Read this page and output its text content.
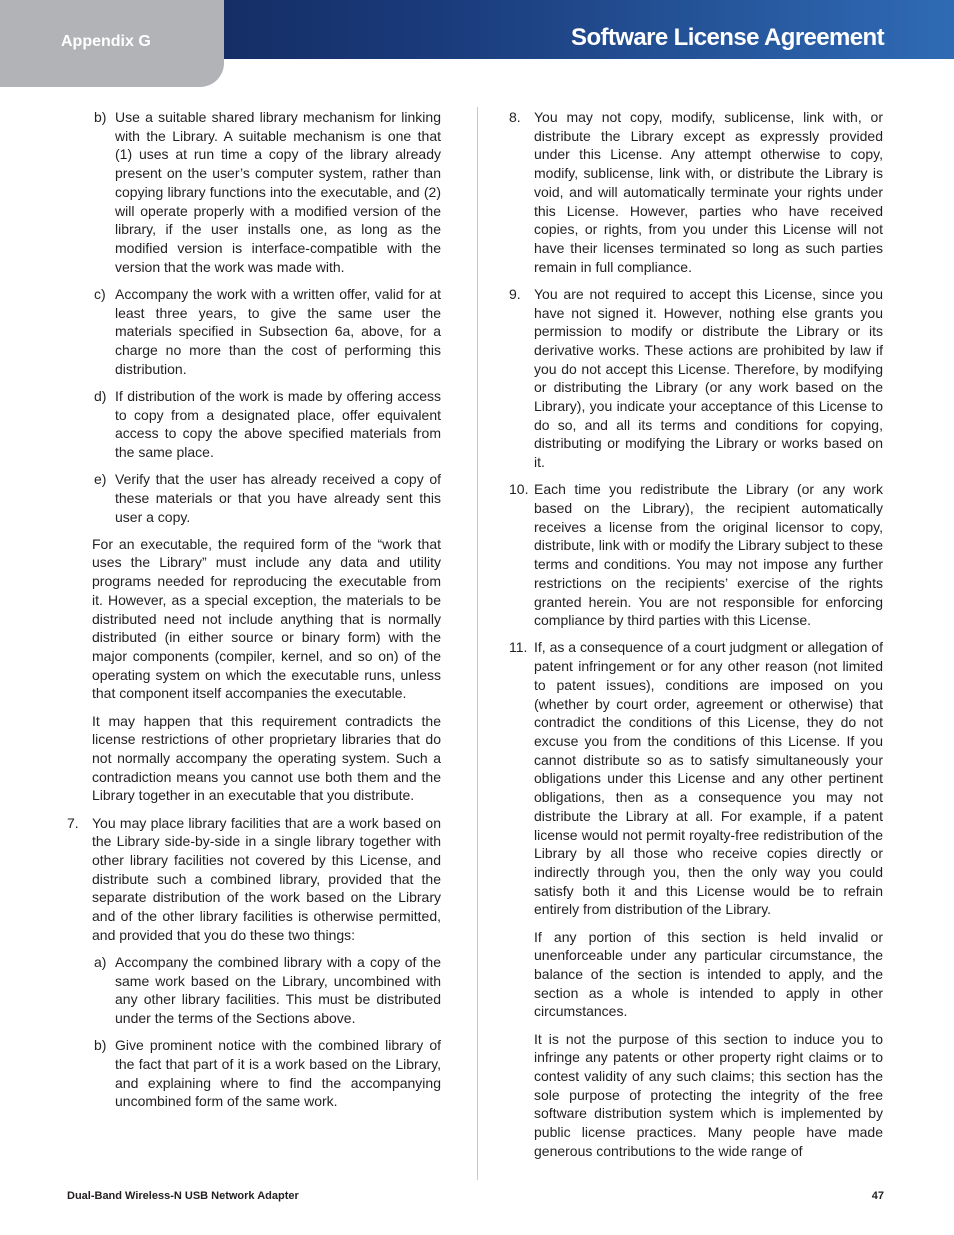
Appendix G	Software License Agreement
b) Use a suitable shared library mechanism for linking with the Library. A suitable mechanism is one that (1) uses at run time a copy of the library already present on the user’s computer system, rather than copying library functions into the executable, and (2) will operate properly with a modified version of the library, if the user installs one, as long as the modified version is interface-compatible with the version that the work was made with.
c) Accompany the work with a written offer, valid for at least three years, to give the same user the materials specified in Subsection 6a, above, for a charge no more than the cost of performing this distribution.
d) If distribution of the work is made by offering access to copy from a designated place, offer equivalent access to copy the above specified materials from the same place.
e) Verify that the user has already received a copy of these materials or that you have already sent this user a copy.
For an executable, the required form of the “work that uses the Library” must include any data and utility programs needed for reproducing the executable from it. However, as a special exception, the materials to be distributed need not include anything that is normally distributed (in either source or binary form) with the major components (compiler, kernel, and so on) of the operating system on which the executable runs, unless that component itself accompanies the executable.
It may happen that this requirement contradicts the license restrictions of other proprietary libraries that do not normally accompany the operating system. Such a contradiction means you cannot use both them and the Library together in an executable that you distribute.
7. You may place library facilities that are a work based on the Library side-by-side in a single library together with other library facilities not covered by this License, and distribute such a combined library, provided that the separate distribution of the work based on the Library and of the other library facilities is otherwise permitted, and provided that you do these two things:
a) Accompany the combined library with a copy of the same work based on the Library, uncombined with any other library facilities. This must be distributed under the terms of the Sections above.
b) Give prominent notice with the combined library of the fact that part of it is a work based on the Library, and explaining where to find the accompanying uncombined form of the same work.
8. You may not copy, modify, sublicense, link with, or distribute the Library except as expressly provided under this License. Any attempt otherwise to copy, modify, sublicense, link with, or distribute the Library is void, and will automatically terminate your rights under this License. However, parties who have received copies, or rights, from you under this License will not have their licenses terminated so long as such parties remain in full compliance.
9. You are not required to accept this License, since you have not signed it. However, nothing else grants you permission to modify or distribute the Library or its derivative works. These actions are prohibited by law if you do not accept this License. Therefore, by modifying or distributing the Library (or any work based on the Library), you indicate your acceptance of this License to do so, and all its terms and conditions for copying, distributing or modifying the Library or works based on it.
10. Each time you redistribute the Library (or any work based on the Library), the recipient automatically receives a license from the original licensor to copy, distribute, link with or modify the Library subject to these terms and conditions. You may not impose any further restrictions on the recipients’ exercise of the rights granted herein. You are not responsible for enforcing compliance by third parties with this License.
11. If, as a consequence of a court judgment or allegation of patent infringement or for any other reason (not limited to patent issues), conditions are imposed on you (whether by court order, agreement or otherwise) that contradict the conditions of this License, they do not excuse you from the conditions of this License. If you cannot distribute so as to satisfy simultaneously your obligations under this License and any other pertinent obligations, then as a consequence you may not distribute the Library at all. For example, if a patent license would not permit royalty-free redistribution of the Library by all those who receive copies directly or indirectly through you, then the only way you could satisfy both it and this License would be to refrain entirely from distribution of the Library.
If any portion of this section is held invalid or unenforceable under any particular circumstance, the balance of the section is intended to apply, and the section as a whole is intended to apply in other circumstances.
It is not the purpose of this section to induce you to infringe any patents or other property right claims or to contest validity of any such claims; this section has the sole purpose of protecting the integrity of the free software distribution system which is implemented by public license practices. Many people have made generous contributions to the wide range of
Dual-Band Wireless-N USB Network Adapter	47
